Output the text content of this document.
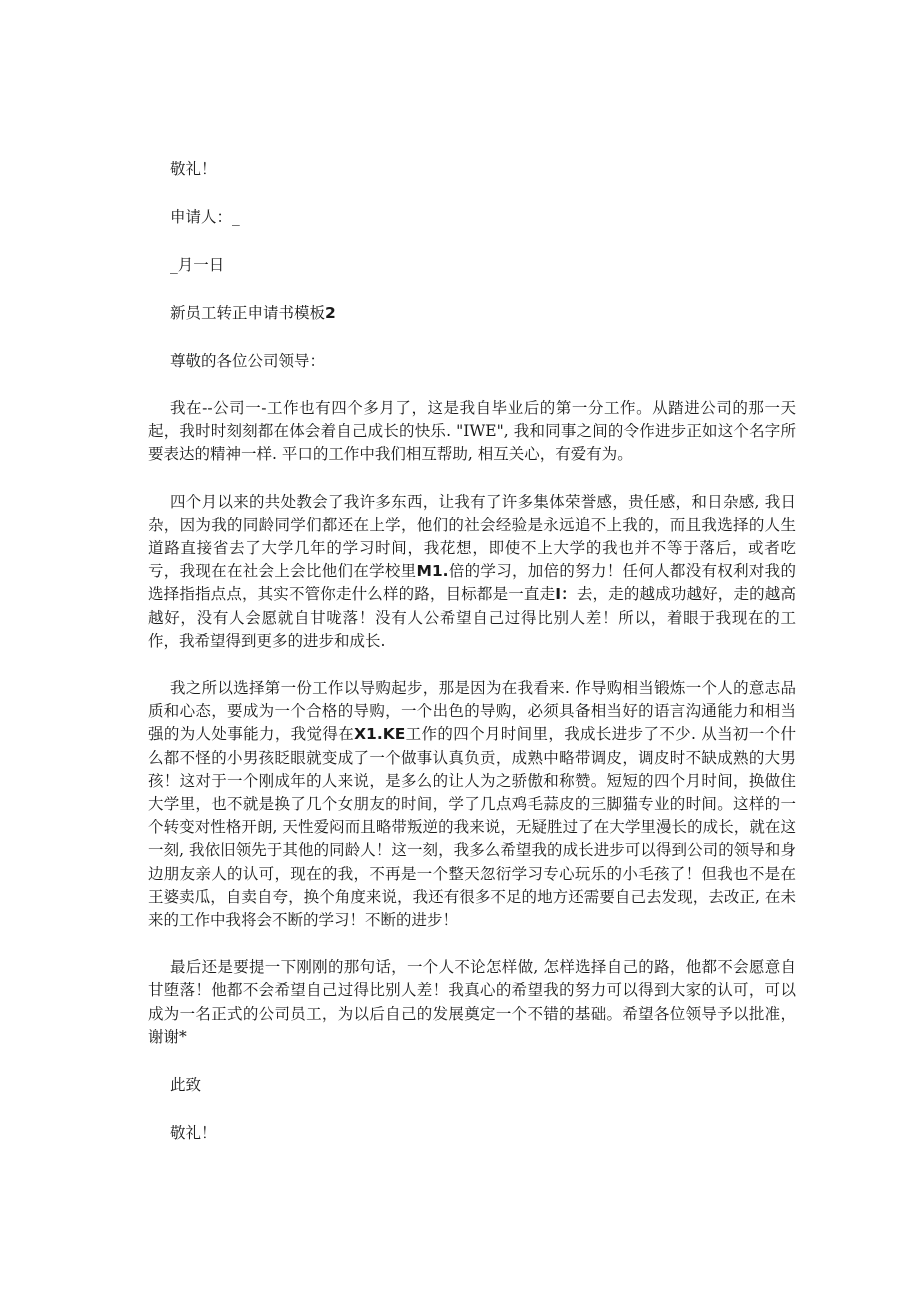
敬礼！
申请人：_
_月一日
新员工转正申请书模板2
尊敬的各位公司领导：

我在--公司一-工作也有四个多月了，这是我自毕业后的第一分工作。从踏进公司的那一天起，我时时刻刻都在体会着自己成长的快乐. "IWE", 我和同事之间的令作进步正如这个名字所要表达的精神一样. 平口的工作中我们相互帮助, 相互关心，有爱有为。

四个月以来的共处教会了我许多东西，让我有了许多集体荣誉感，贵任感，和日杂感, 我日杂，因为我的同龄同学们都还在上学，他们的社会经验是永远追不上我的，而且我选择的人生道路直接省去了大学几年的学习时间，我花想，即使不上大学的我也并不等于落后，或者吃亏，我现在在社会上会比他们在学校里M1.倍的学习，加倍的努力！任何人都没有权利对我的选择指指点点，其实不管你走什么样的路，目标都是一直走I：去，走的越成功越好，走的越高越好，没有人会愿就自甘咙落！没有人公希望自己过得比别人差！所以，着眼于我现在的工作，我希望得到更多的进步和成长.

我之所以选择第一份工作以导购起步，那是因为在我看来. 作导购相当锻炼一个人的意志品质和心态，要成为一个合格的导购，一个出色的导购，必须具备相当好的语言沟通能力和相当强的为人处事能力，我觉得在X1.KE工作的四个月时间里，我成长进步了不少. 从当初一个什么都不怪的小男孩眨眼就变成了一个做事认真负贡，成熟中略带调皮，调皮时不缺成熟的大男孩！这对于一个刚成年的人来说，是多么的让人为之骄傲和称赞。短短的四个月时间，换做住大学里，也不就是换了几个女朋友的时间，学了几点鸡毛蒜皮的三脚猫专业的时间。这样的一个转变对性格开朗, 天性爱闷而且略带叛逆的我来说，无疑胜过了在大学里漫长的成长，就在这一刻, 我依旧领先于其他的同龄人！这一刻，我多么希望我的成长进步可以得到公司的领导和身边朋友亲人的认可，现在的我，不再是一个整天忽衍学习专心玩乐的小毛孩了！但我也不是在王婆卖瓜，自卖自夸，换个角度来说，我还有很多不足的地方还需要自己去发现，去改正, 在未来的工作中我将会不断的学习！不断的进步！

最后还是要提一下刚刚的那句话，一个人不论怎样做, 怎样选择自己的路，他都不会愿意自甘堕落！他都不会希望自己过得比别人差！我真心的希望我的努力可以得到大家的认可，可以成为一名正式的公司员工，为以后自己的发展奠定一个不错的基础。希望各位领导予以批准，谢谢*

此致
敬礼！
